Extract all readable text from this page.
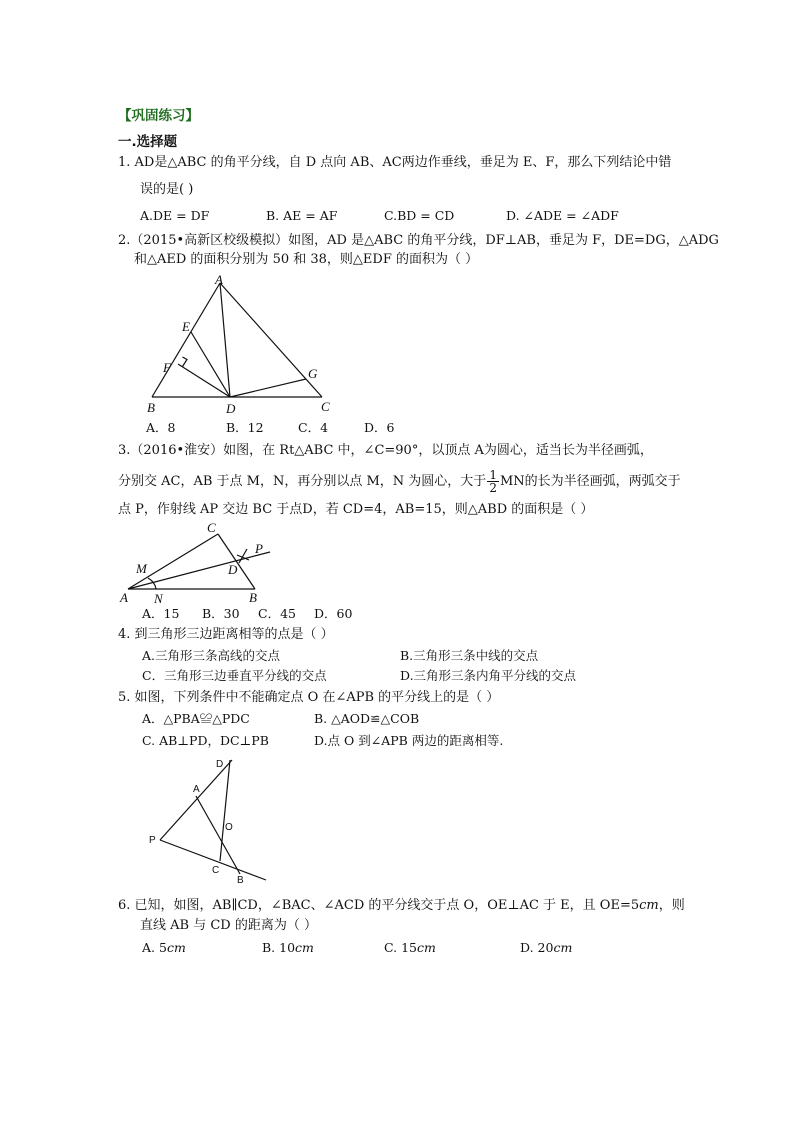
【巩固练习】
一.选择题
1. AD是△ABC 的角平分线，自 D 点向 AB、AC两边作垂线，垂足为 E、F，那么下列结论中错
误的是( )
A.DE = DF	B. AE = AF	C.BD = CD	D. ∠ADE = ∠ADF
2.（2015•高新区校级模拟）如图，AD 是△ABC 的角平分线，DF⊥AB，垂足为 F，DE=DG，△ADG
和△AED 的面积分别为 50 和 38，则△EDF 的面积为（ ）
A
E
F	G
B	D	C
A．8	B．12	C．4	D．6
3.（2016•淮安）如图，在 Rt△ABC 中，∠C=90°，以顶点 A为圆心，适当长为半径画弧，
分别交 AC，AB 于点 M，N，再分别以点 M，N 为圆心，大于 $\frac{1}{2}$ MN的长为半径画弧，两弧交于
点 P，作射线 AP 交边 BC 于点D，若 CD=4，AB=15，则△ABD 的面积是（ ）
C
P
M	D
A N	B
A．15 B．30 C．45 D．60
4. 到三角形三边距离相等的点是（ ）
A.三角形三条高线的交点	B.三角形三条中线的交点
C．三角形三边垂直平分线的交点	D.三角形三条内角平分线的交点
5. 如图，下列条件中不能确定点 O 在∠APB 的平分线上的是（ ）
A．△PBA≌△PDC	B. △AOD≌△COB
C. AB⊥PD，DC⊥PB	D.点 O 到∠APB 两边的距离相等.
D
A
O
P
C
B
6. 已知，如图，AB∥CD，∠BAC、∠ACD 的平分线交于点 O，OE⊥AC 于 E，且 OE=5cm，则
直线 AB 与 CD 的距离为（ ）
A. 5cm	B. 10cm	C. 15cm	D. 20cm
